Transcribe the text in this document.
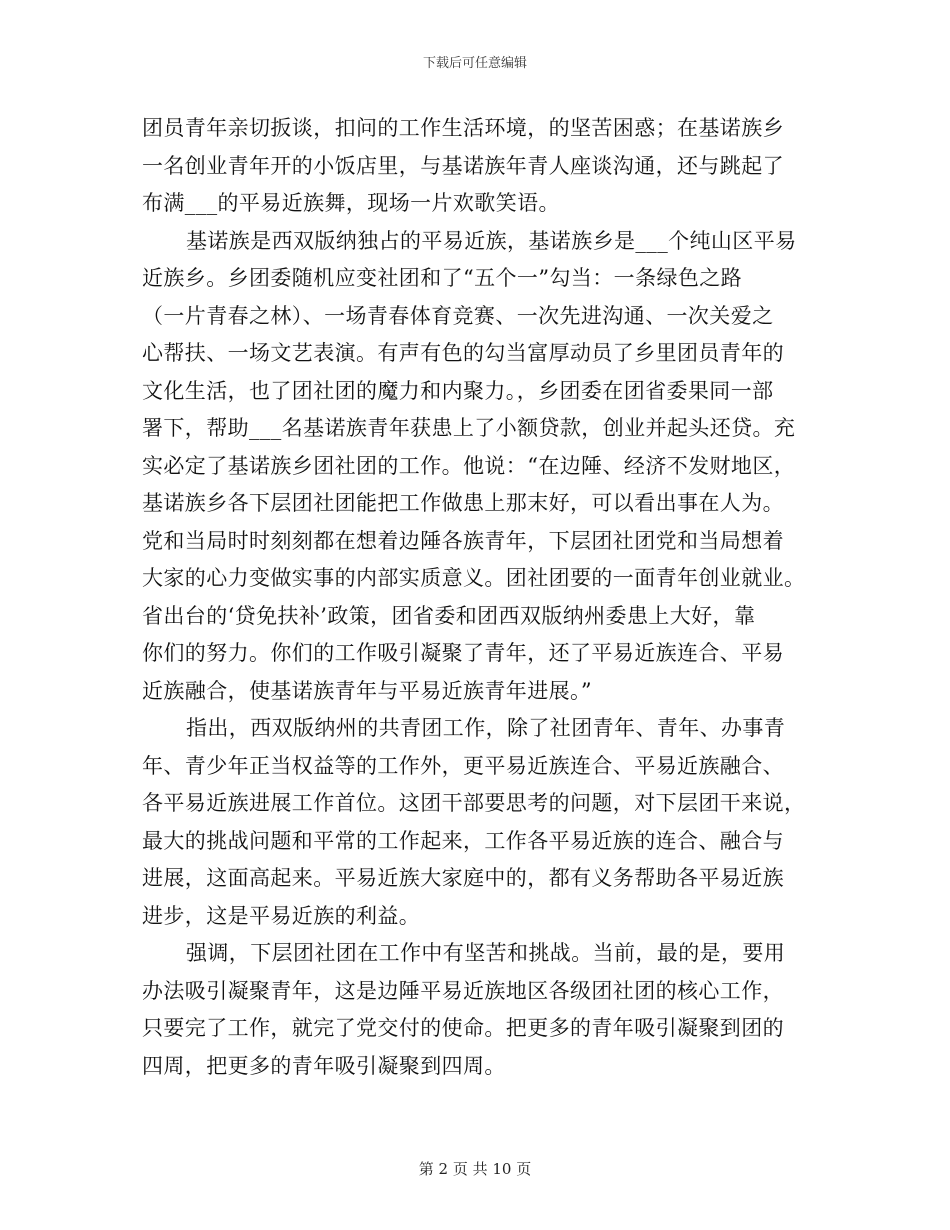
下载后可任意编辑
团员青年亲切扳谈，扣问的工作生活环境，的坚苦困惑；在基诺族乡
一名创业青年开的小饭店里，与基诺族年青人座谈沟通，还与跳起了
布满___的平易近族舞，现场一片欢歌笑语。
基诺族是西双版纳独占的平易近族，基诺族乡是___个纯山区平易
近族乡。乡团委随机应变社团和了“五个一”勾当：一条绿色之路
（一片青春之林）、一场青春体育竞赛、一次先进沟通、一次关爱之
心帮扶、一场文艺表演。有声有色的勾当富厚动员了乡里团员青年的
文化生活，也了团社团的魔力和内聚力。，乡团委在团省委果同一部
署下，帮助___名基诺族青年获患上了小额贷款，创业并起头还贷。充
实必定了基诺族乡团社团的工作。他说：“在边陲、经济不发财地区，
基诺族乡各下层团社团能把工作做患上那末好，可以看出事在人为。
党和当局时时刻刻都在想着边陲各族青年，下层团社团党和当局想着
大家的心力变做实事的内部实质意义。团社团要的一面青年创业就业。
省出台的‘贷免扶补’政策，团省委和团西双版纳州委患上大好，靠
你们的努力。你们的工作吸引凝聚了青年，还了平易近族连合、平易
近族融合，使基诺族青年与平易近族青年进展。”
指出，西双版纳州的共青团工作，除了社团青年、青年、办事青
年、青少年正当权益等的工作外，更平易近族连合、平易近族融合、
各平易近族进展工作首位。这团干部要思考的问题，对下层团干来说，
最大的挑战问题和平常的工作起来，工作各平易近族的连合、融合与
进展，这面高起来。平易近族大家庭中的，都有义务帮助各平易近族
进步，这是平易近族的利益。
强调，下层团社团在工作中有坚苦和挑战。当前，最的是，要用
办法吸引凝聚青年，这是边陲平易近族地区各级团社团的核心工作，
只要完了工作，就完了党交付的使命。把更多的青年吸引凝聚到团的
四周，把更多的青年吸引凝聚到四周。
第 2 页 共 10 页
